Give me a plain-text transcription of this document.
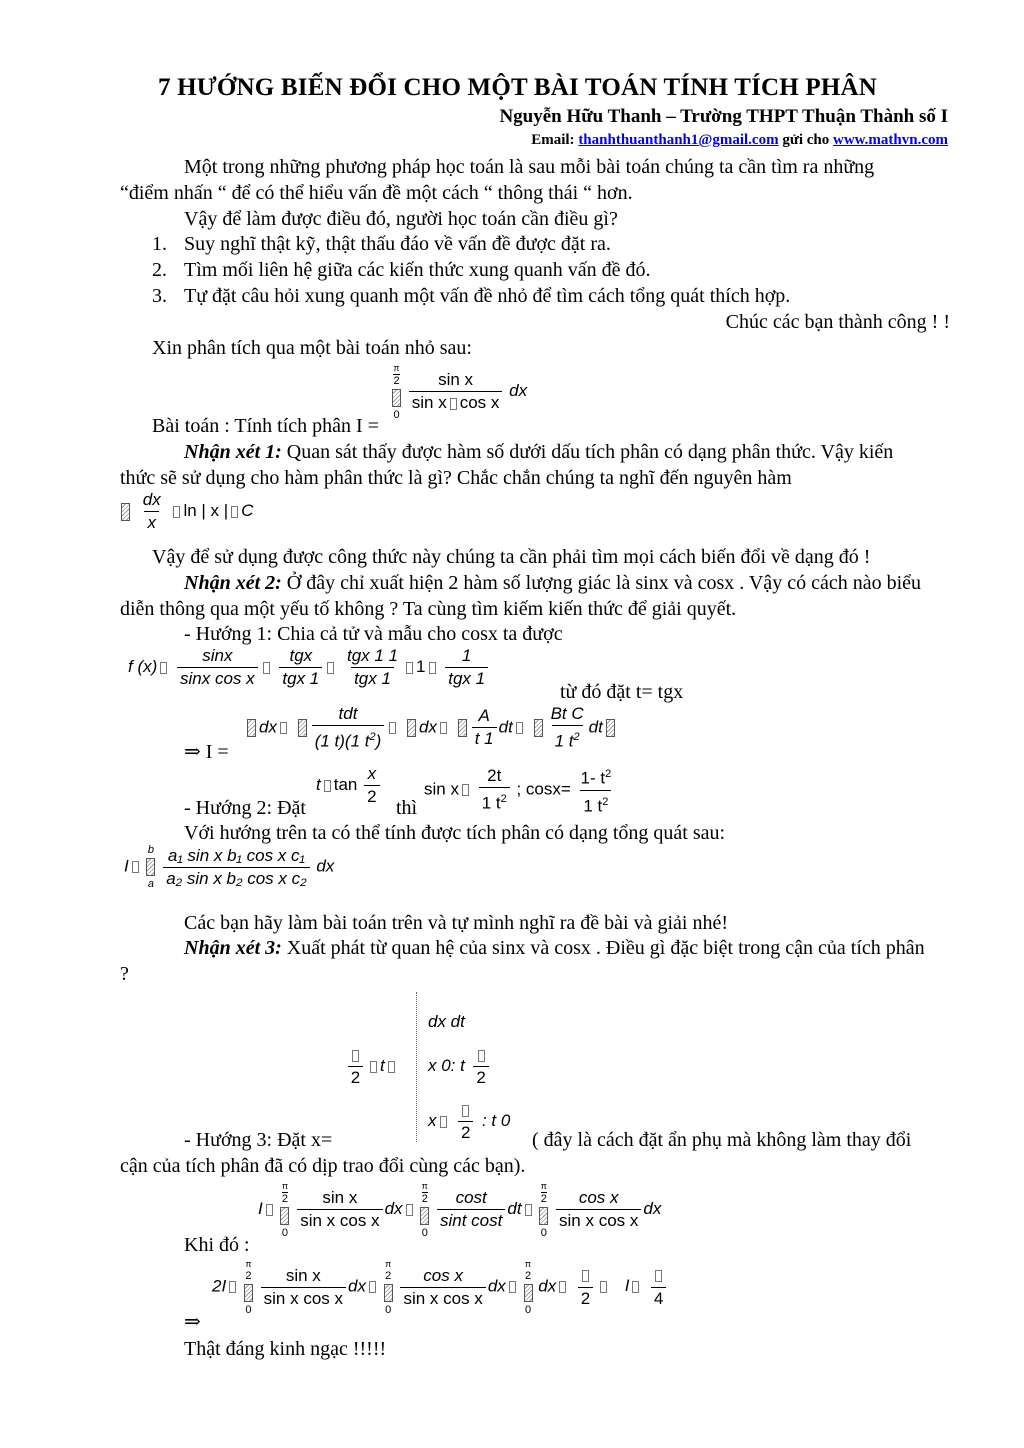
7 HƯỚNG BIẾN ĐỔI CHO MỘT BÀI TOÁN TÍNH TÍCH PHÂN
Nguyễn Hữu Thanh – Trường THPT Thuận Thành số I
Email: thanhthuanthanh1@gmail.com gửi cho www.mathvn.com
Một trong những phương pháp học toán là sau mỗi bài toán chúng ta cần tìm ra những
“điểm nhấn “ để có thể hiểu vấn đề một cách “ thông thái “ hơn.
Vậy để làm được điều đó, người học toán cần điều gì?
1. Suy nghĩ thật kỹ, thật thấu đáo về vấn đề được đặt ra.
2. Tìm mối liên hệ giữa các kiến thức xung quanh vấn đề đó.
3. Tự đặt câu hỏi xung quanh một vấn đề nhỏ để tìm cách tổng quát thích hợp.
Chúc các bạn thành công ! !
Xin phân tích qua một bài toán nhỏ sau:
Bài toán : Tính tích phân I =
π
2
0

$\frac{\text{sin x}}{\text{sin x cos x}}$ dx
Nhận xét 1: Quan sát thấy được hàm số dưới dấu tích phân có dạng phân thức. Vậy kiến
thức sẽ sử dụng cho hàm phân thức là gì? Chắc chắn chúng ta nghĩ đến nguyên hàm

$\frac{dx}{x}$ ln | x | C
Vậy để sử dụng được công thức này chúng ta cần phải tìm mọi cách biến đổi về dạng đó !
Nhận xét 2: Ở đây chỉ xuất hiện 2 hàm số lượng giác là sinx và cosx . Vậy có cách nào biểu
diễn thông qua một yếu tố không ? Ta cùng tìm kiếm kiến thức để giải quyết.
- Hướng 1: Chia cả tử và mẫu cho cosx ta được
f $(x) \frac{\sin x}{\text{sinx cos x}}$
$\frac{\text{tgx}}{\text{tgx 1}}$
$\frac{\text{tgx 1 1}}{\text{tgx 1}} 1 \frac{1}{\text{tgx 1}}$
từ đó đặt t= tgx
⇒ I =
dx $\frac{\text{tdt}}{(1 t)(1 t^2)}$ dx $\frac{A}{t 1}$ dt $\frac{\text{Bt C}}{1 t^2}$ dt
- Hướng 2: Đặt
t $\tan \frac{x}{2}$
thì
sin x $\frac{2t}{1 t^2}$ ; $\cos x= \frac{1- t^2}{1 t^2}$
Với hướng trên ta có thể tính được tích phân có dạng tổng quát sau:
I
b
a
$\frac{\text{a₁ sin x b₁ cos x c₁}}{\text{a₂ sin x b₂ cos x c₂}}$ dx
Các bạn hãy làm bài toán trên và tự mình nghĩ ra đề bài và giải nhé!
Nhận xét 3: Xuất phát từ quan hệ của sinx và cosx . Điều gì đặc biệt trong cận của tích phân
?
2
t
dx dt
x 0: t
2
x
2
: t 0
- Hướng 3: Đặt x=	( đây là cách đặt ẩn phụ mà không làm thay đổi
cận của tích phân đã có dịp trao đổi cùng các bạn).
Khi đó :
I
π
2
0

$\frac{\text{sin x}}{\text{sin x cos x}}$ dx
π
2
0

$\frac{\cos t}{\text{sint cost}}$ dt
π
2
0

$\frac{\text{cos x}}{\text{sin x cos x}}$ dx
⇒
2I
π
2
0

$\frac{\text{sin x}}{\text{sin x cos x}}$ dx
π
2
0

$\frac{\text{cos x}}{\text{sin x cos x}}$ dx
π
2
0
dx
2
I
4
Thật đáng kinh ngạc !!!!!
